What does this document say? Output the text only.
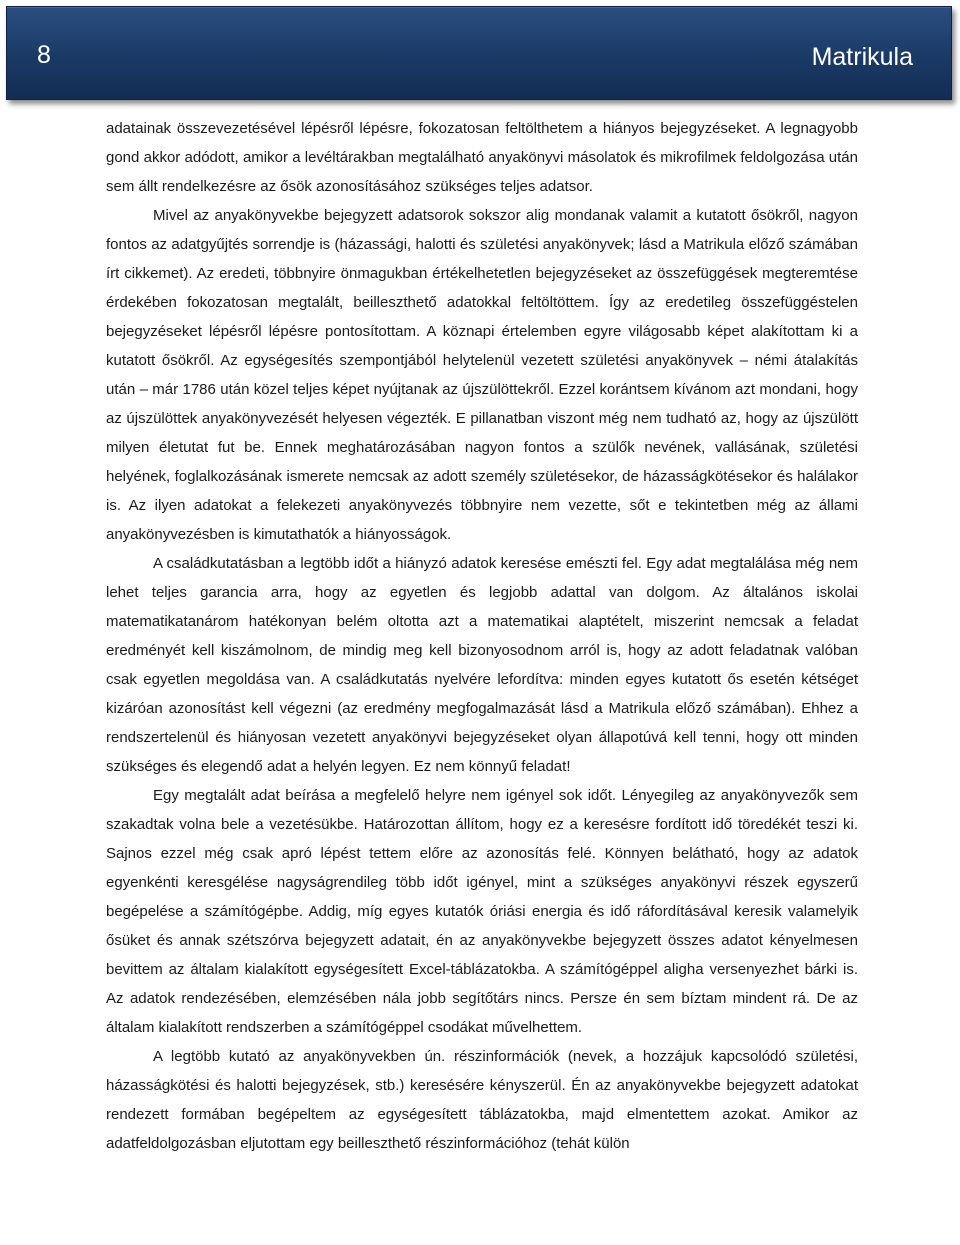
8	Matrikula

adatainak összevezetésével lépésről lépésre, fokozatosan feltölthetem a hiányos bejegyzéseket. A legnagyobb gond akkor adódott, amikor a levéltárakban megtalálható anyakönyvi másolatok és mikrofilmek feldolgozása után sem állt rendelkezésre az ősök azonosításához szükséges teljes adatsor.

Mivel az anyakönyvekbe bejegyzett adatsorok sokszor alig mondanak valamit a kutatott ősökről, nagyon fontos az adatgyűjtés sorrendje is (házassági, halotti és születési anyakönyvek; lásd a Matrikula előző számában írt cikkemet). Az eredeti, többnyire önmagukban értékelhetetlen bejegyzéseket az összefüggések megteremtése érdekében fokozatosan megtalált, beilleszthető adatokkal feltöltöttem. Így az eredetileg összefüggéstelen bejegyzéseket lépésről lépésre pontosítottam. A köznapi értelemben egyre világosabb képet alakítottam ki a kutatott ősökről. Az egységesítés szempontjából helytelenül vezetett születési anyakönyvek – némi átalakítás után – már 1786 után közel teljes képet nyújtanak az újszülöttekről. Ezzel korántsem kívánom azt mondani, hogy az újszülöttek anyakönyvezését helyesen végezték. E pillanatban viszont még nem tudható az, hogy az újszülött milyen életutat fut be. Ennek meghatározásában nagyon fontos a szülők nevének, vallásának, születési helyének, foglalkozásának ismerete nemcsak az adott személy születésekor, de házasságkötésekor és halálakor is. Az ilyen adatokat a felekezeti anyakönyvezés többnyire nem vezette, sőt e tekintetben még az állami anyakönyvezésben is kimutathatók a hiányosságok.

A családkutatásban a legtöbb időt a hiányzó adatok keresése emészti fel. Egy adat megtalálása még nem lehet teljes garancia arra, hogy az egyetlen és legjobb adattal van dolgom. Az általános iskolai matematikatanárom hatékonyan belém oltotta azt a matematikai alaptételt, miszerint nemcsak a feladat eredményét kell kiszámolnom, de mindig meg kell bizonyosodnom arról is, hogy az adott feladatnak valóban csak egyetlen megoldása van. A családkutatás nyelvére lefordítva: minden egyes kutatott ős esetén kétséget kizáróan azonosítást kell végezni (az eredmény megfogalmazását lásd a Matrikula előző számában). Ehhez a rendszertelenül és hiányosan vezetett anyakönyvi bejegyzéseket olyan állapotúvá kell tenni, hogy ott minden szükséges és elegendő adat a helyén legyen. Ez nem könnyű feladat!

Egy megtalált adat beírása a megfelelő helyre nem igényel sok időt. Lényegileg az anyakönyvezők sem szakadtak volna bele a vezetésükbe. Határozottan állítom, hogy ez a keresésre fordított idő töredékét teszi ki. Sajnos ezzel még csak apró lépést tettem előre az azonosítás felé. Könnyen belátható, hogy az adatok egyenkénti keresgélése nagyságrendileg több időt igényel, mint a szükséges anyakönyvi részek egyszerű begépelése a számítógépbe. Addig, míg egyes kutatók óriási energia és idő ráfordításával keresik valamelyik ősüket és annak szétszórva bejegyzett adatait, én az anyakönyvekbe bejegyzett összes adatot kényelmesen bevittem az általam kialakított egységesített Excel-táblázatokba. A számítógéppel aligha versenyezhet bárki is. Az adatok rendezésében, elemzésében nála jobb segítőtárs nincs. Persze én sem bíztam mindent rá. De az általam kialakított rendszerben a számítógéppel csodákat művelhettem.

A legtöbb kutató az anyakönyvekben ún. részinformációk (nevek, a hozzájuk kapcsolódó születési, házasságkötési és halotti bejegyzések, stb.) keresésére kényszerül. Én az anyakönyvekbe bejegyzett adatokat rendezett formában begépeltem az egységesített táblázatokba, majd elmentettem azokat. Amikor az adatfeldolgozásban eljutottam egy beilleszthető részinformációhoz (tehát külön
